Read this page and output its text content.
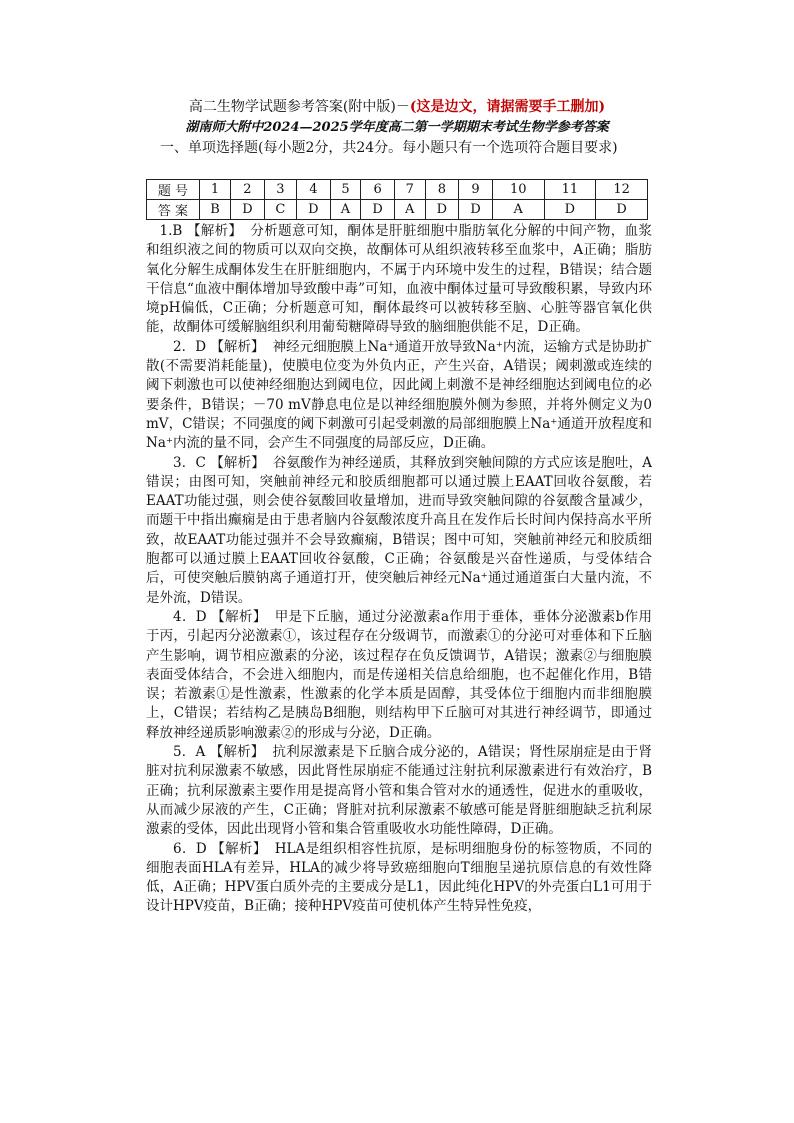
高二生物学试题参考答案(附中版)－(这是边文，请据需要手工删加)
湖南师大附中2024—2025学年度高二第一学期期末考试生物学参考答案
一、单项选择题(每小题2分，共24分。每小题只有一个选项符合题目要求)
题 号	1	2	3	4	5	6	7	8	9	10	11	12
答 案	B	D	C	D	A	D	A	D	D	A	D	D

1.B 【解析】 分析题意可知，酮体是肝脏细胞中脂肪氧化分解的中间产物，血浆和组织液之间的物质可以双向交换，故酮体可从组织液转移至血浆中，A正确；脂肪氧化分解生成酮体发生在肝脏细胞内，不属于内环境中发生的过程，B错误；结合题干信息“血液中酮体增加导致酸中毒”可知，血液中酮体过量可导致酸积累，导致内环境pH偏低，C正确；分析题意可知，酮体最终可以被转移至脑、心脏等器官氧化供能，故酮体可缓解脑组织利用葡萄糖障碍导致的脑细胞供能不足，D正确。

2．D 【解析】 神经元细胞膜上Na⁺通道开放导致Na⁺内流，运输方式是协助扩散(不需要消耗能量)，使膜电位变为外负内正，产生兴奋，A错误；阈刺激或连续的阈下刺激也可以使神经细胞达到阈电位，因此阈上刺激不是神经细胞达到阈电位的必要条件，B错误；－70 mV静息电位是以神经细胞膜外侧为参照，并将外侧定义为0 mV，C错误；不同强度的阈下刺激可引起受刺激的局部细胞膜上Na⁺通道开放程度和Na⁺内流的量不同，会产生不同强度的局部反应，D正确。

3．C 【解析】 谷氨酸作为神经递质，其释放到突触间隙的方式应该是胞吐，A错误；由图可知，突触前神经元和胶质细胞都可以通过膜上EAAT回收谷氨酸，若EAAT功能过强，则会使谷氨酸回收量增加，进而导致突触间隙的谷氨酸含量减少，而题干中指出癫痫是由于患者脑内谷氨酸浓度升高且在发作后长时间内保持高水平所致，故EAAT功能过强并不会导致癫痫，B错误；图中可知，突触前神经元和胶质细胞都可以通过膜上EAAT回收谷氨酸，C正确；谷氨酸是兴奋性递质，与受体结合后，可使突触后膜钠离子通道打开，使突触后神经元Na⁺通过通道蛋白大量内流，不是外流，D错误。

4．D 【解析】 甲是下丘脑，通过分泌激素a作用于垂体，垂体分泌激素b作用于丙，引起丙分泌激素①，该过程存在分级调节，而激素①的分泌可对垂体和下丘脑产生影响，调节相应激素的分泌，该过程存在负反馈调节，A错误；激素②与细胞膜表面受体结合，不会进入细胞内，而是传递相关信息给细胞，也不起催化作用，B错误；若激素①是性激素，性激素的化学本质是固醇，其受体位于细胞内而非细胞膜上，C错误；若结构乙是胰岛B细胞，则结构甲下丘脑可对其进行神经调节，即通过释放神经递质影响激素②的形成与分泌，D正确。

5．A 【解析】 抗利尿激素是下丘脑合成分泌的，A错误；肾性尿崩症是由于肾脏对抗利尿激素不敏感，因此肾性尿崩症不能通过注射抗利尿激素进行有效治疗，B正确；抗利尿激素主要作用是提高肾小管和集合管对水的通透性，促进水的重吸收，从而减少尿液的产生，C正确；肾脏对抗利尿激素不敏感可能是肾脏细胞缺乏抗利尿激素的受体，因此出现肾小管和集合管重吸收水功能性障碍，D正确。

6．D 【解析】 HLA是组织相容性抗原，是标明细胞身份的标签物质，不同的细胞表面HLA有差异，HLA的减少将导致癌细胞向T细胞呈递抗原信息的有效性降低，A正确；HPV蛋白质外壳的主要成分是L1，因此纯化HPV的外壳蛋白L1可用于设计HPV疫苗，B正确；接种HPV疫苗可使机体产生特异性免疫，
